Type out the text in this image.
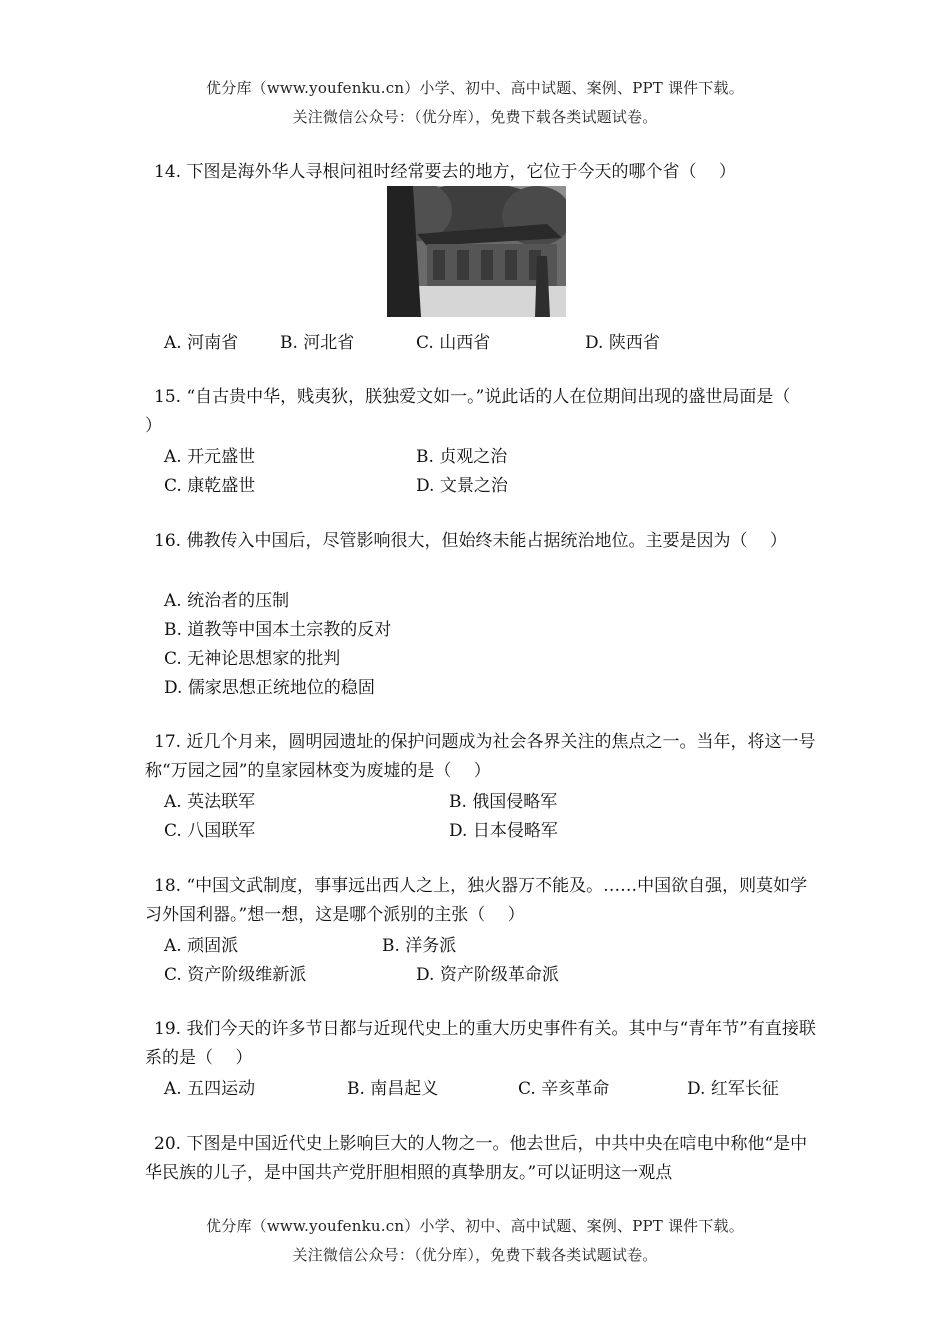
优分库（www.youfenku.cn）小学、初中、高中试题、案例、PPT 课件下载。
关注微信公众号：（优分库），免费下载各类试题试卷。

14. 下图是海外华人寻根问祖时经常要去的地方，它位于今天的哪个省（　 ）

A. 河南省 B. 河北省	C. 山西省	D. 陕西省

15. “自古贵中华，贱夷狄，朕独爱文如一。”说此话的人在位期间出现的盛世局面是（　 ）

A. 开元盛世	B. 贞观之治
C. 康乾盛世	D. 文景之治

16. 佛教传入中国后，尽管影响很大，但始终未能占据统治地位。主要是因为（　 ）

A. 统治者的压制
B. 道教等中国本土宗教的反对
C. 无神论思想家的批判
D. 儒家思想正统地位的稳固

17. 近几个月来，圆明园遗址的保护问题成为社会各界关注的焦点之一。当年，将这一号称“万园之园”的皇家园林变为废墟的是（　 ）

A. 英法联军	B. 俄国侵略军
C. 八国联军	D. 日本侵略军

18. “中国文武制度，事事远出西人之上，独火器万不能及。……中国欲自强，则莫如学习外国利器。”想一想，这是哪个派别的主张（　 ）

A. 顽固派	B. 洋务派
C. 资产阶级维新派	D. 资产阶级革命派

19. 我们今天的许多节日都与近现代史上的重大历史事件有关。其中与“青年节”有直接联系的是（　 ）

A. 五四运动	B. 南昌起义	C. 辛亥革命	D. 红军长征

20. 下图是中国近代史上影响巨大的人物之一。他去世后，中共中央在唁电中称他“是中华民族的儿子，是中国共产党肝胆相照的真挚朋友。”可以证明这一观点

优分库（www.youfenku.cn）小学、初中、高中试题、案例、PPT 课件下载。
关注微信公众号：（优分库），免费下载各类试题试卷。
